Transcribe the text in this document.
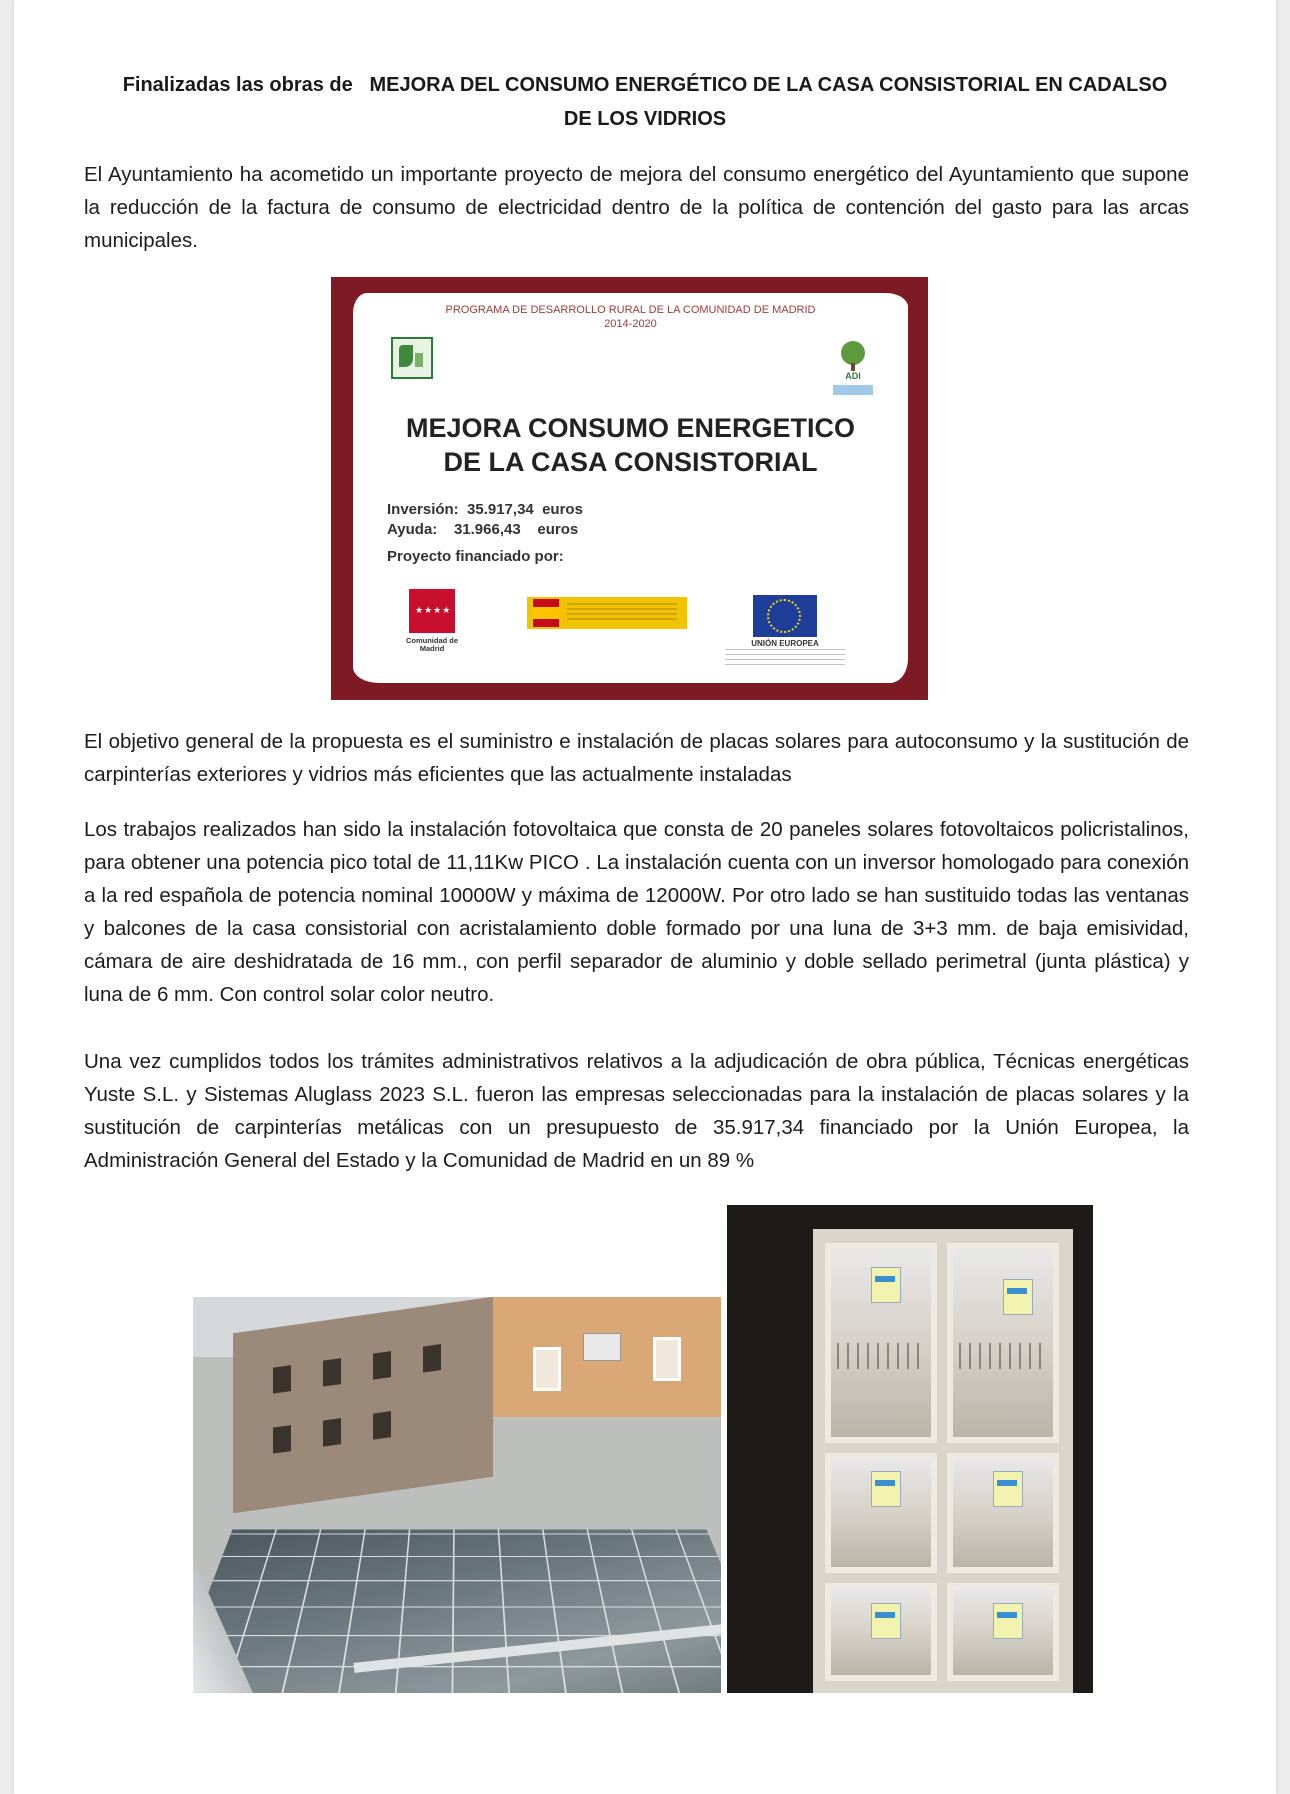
Finalizadas las obras de MEJORA DEL CONSUMO ENERGÉTICO DE LA CASA CONSISTORIAL EN CADALSO DE LOS VIDRIOS

El Ayuntamiento ha acometido un importante proyecto de mejora del consumo energético del Ayuntamiento que supone la reducción de la factura de consumo de electricidad dentro de la política de contención del gasto para las arcas municipales.

PROGRAMA DE DESARROLLO RURAL DE LA COMUNIDAD DE MADRID
2014-2020
ADI
MEJORA CONSUMO ENERGETICO
DE LA CASA CONSISTORIAL
Inversión:  35.917,34  euros
Ayuda:    31.966,43    euros
Proyecto financiado por:
★★★★
Comunidad de Madrid
UNIÓN EUROPEA

El objetivo general de la propuesta es el suministro e instalación de placas solares para autoconsumo y la sustitución de carpinterías exteriores y vidrios más eficientes que las actualmente instaladas

Los trabajos realizados han sido la instalación fotovoltaica que consta de 20 paneles solares fotovoltaicos policristalinos, para obtener una potencia pico total de 11,11Kw PICO . La instalación cuenta con un inversor homologado para conexión a la red española de potencia nominal 10000W y máxima de 12000W. Por otro lado se han sustituido todas las ventanas y balcones de la casa consistorial con acristalamiento doble formado por una luna de 3+3 mm. de baja emisividad, cámara de aire deshidratada de 16 mm., con perfil separador de aluminio y doble sellado perimetral (junta plástica) y luna de 6 mm. Con control solar color neutro.

Una vez cumplidos todos los trámites administrativos relativos a la adjudicación de obra pública, Técnicas energéticas Yuste S.L. y Sistemas Aluglass 2023 S.L. fueron las empresas seleccionadas para la instalación de placas solares y la sustitución de carpinterías metálicas con un presupuesto de 35.917,34 financiado por la Unión Europea, la Administración General del Estado y la Comunidad de Madrid en un 89 %
